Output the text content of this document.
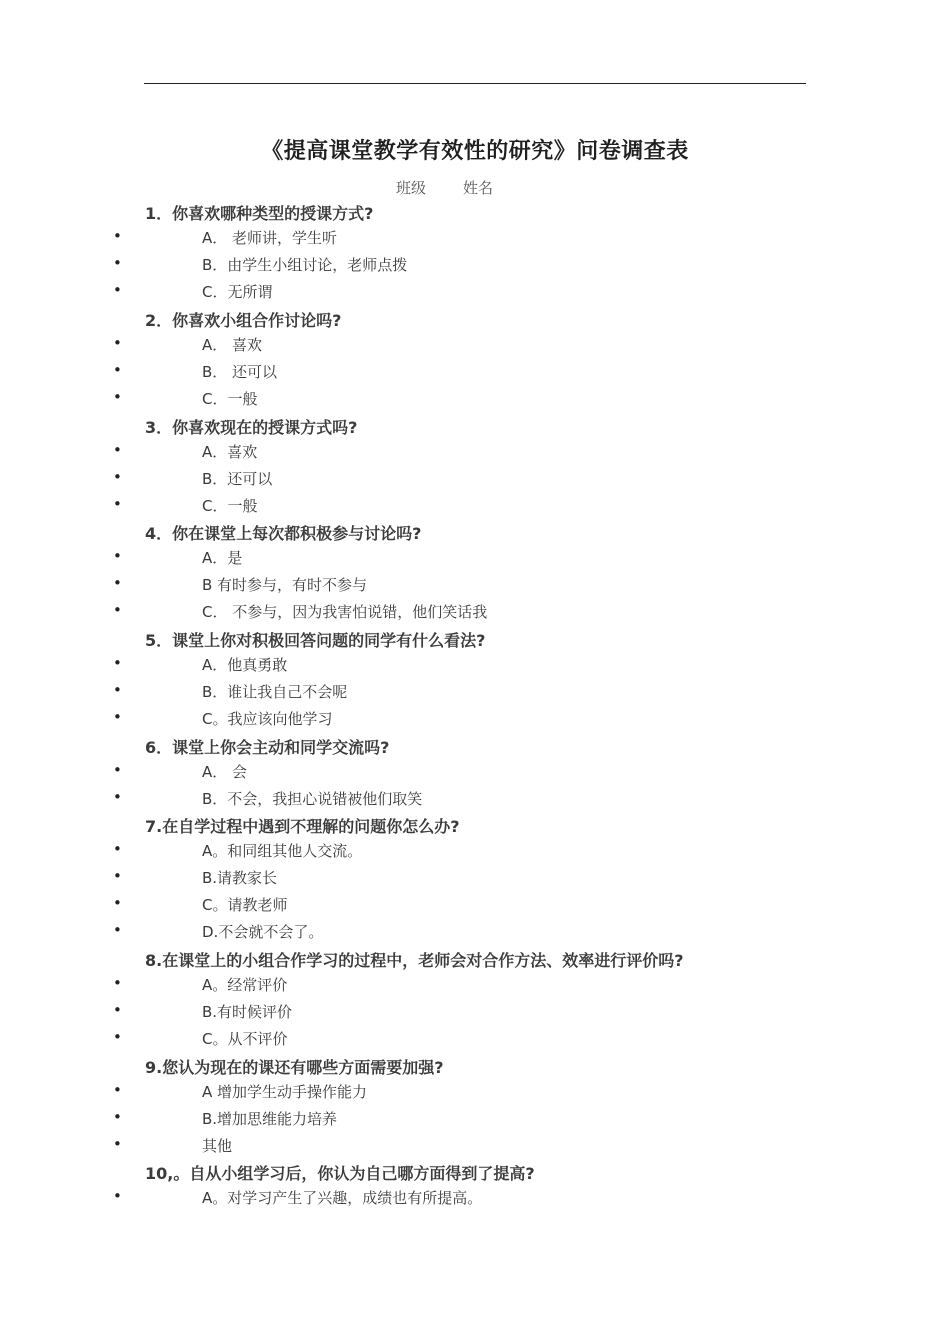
《提高课堂教学有效性的研究》问卷调查表
班级 姓名
1．你喜欢哪种类型的授课方式?
•	A． 老师讲，学生听
•	B．由学生小组讨论，老师点拨
•	C．无所谓
2．你喜欢小组合作讨论吗?
•	A． 喜欢
•	B． 还可以
•	C．一般
3．你喜欢现在的授课方式吗?
•	A．喜欢
•	B．还可以
•	C．一般
4．你在课堂上每次都积极参与讨论吗?
•	A．是
•	B 有时参与，有时不参与
•	C． 不参与，因为我害怕说错，他们笑话我
5．课堂上你对积极回答问题的同学有什么看法?
•	A．他真勇敢
•	B．谁让我自己不会呢
•	C。我应该向他学习
6．课堂上你会主动和同学交流吗?
•	A． 会
•	B．不会，我担心说错被他们取笑
7.在自学过程中遇到不理解的问题你怎么办?
•	A。和同组其他人交流。
•	B.请教家长
•	C。请教老师
•	D.不会就不会了。
8.在课堂上的小组合作学习的过程中，老师会对合作方法、效率进行评价吗?
•	A。经常评价
•	B.有时候评价
•	C。从不评价
9.您认为现在的课还有哪些方面需要加强?
•	A 增加学生动手操作能力
•	B.增加思维能力培养
•	其他
10,。自从小组学习后，你认为自己哪方面得到了提高?
•	A。对学习产生了兴趣，成绩也有所提高。
